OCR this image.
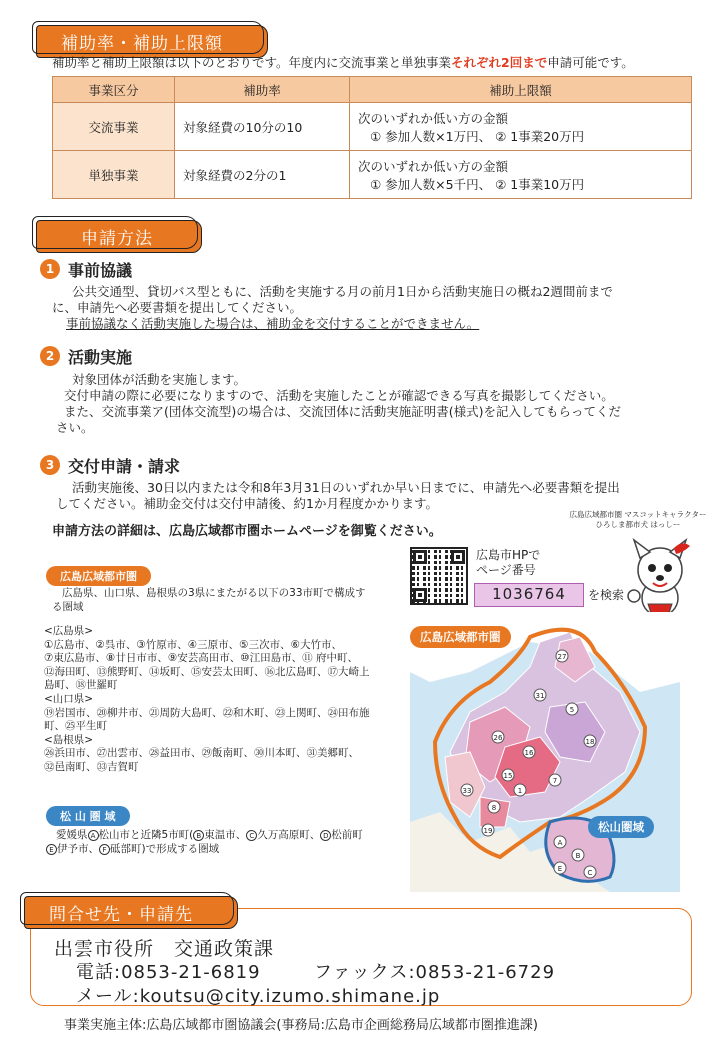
補助率・補助上限額
補助率と補助上限額は以下のとおりです。年度内に交流事業と単独事業それぞれ2回まで申請可能です。
事業区分	補助率	補助上限額
交流事業	対象経費の10分の10	次のいずれか低い方の金額
① 参加人数×1万円、 ② 1事業20万円

単独事業	対象経費の2分の1	次のいずれか低い方の金額
① 参加人数×5千円、 ② 1事業10万円
申請方法
1 事前協議
公共交通型、貸切バス型ともに、活動を実施する月の前月1日から活動実施日の概ね2週間前まで
に、申請先へ必要書類を提出してください。
事前協議なく活動実施した場合は、補助金を交付することができません。
2 活動実施
対象団体が活動を実施します。
交付申請の際に必要になりますので、活動を実施したことが確認できる写真を撮影してください。
また、交流事業ア(団体交流型)の場合は、交流団体に活動実施証明書(様式)を記入してもらってくだ
さい。
3 交付申請・請求
活動実施後、30日以内または令和8年3月31日のいずれか早い日までに、申請先へ必要書類を提出
してください。補助金交付は交付申請後、約1か月程度かかります。
申請方法の詳細は、広島広域都市圏ホームページを御覧ください。
広島広域都市圏 マスコットキャラクター
ひろしま都市犬 はっしー
広島市HPで
ページ番号
1036764	を検索
広島広域都市圏
広島県、山口県、島根県の3県にまたがる以下の33市町で構成す
る圏域
<広島県>
①広島市、②呉市、③竹原市、④三原市、⑤三次市、⑥大竹市、
⑦東広島市、⑧廿日市市、⑨安芸高田市、⑩江田島市、⑪ 府中町、
⑫海田町、⑬熊野町、⑭坂町、⑮安芸太田町、⑯北広島町、⑰大崎上
島町、⑱世羅町
<山口県>
⑲岩国市、⑳柳井市、㉑周防大島町、㉒和木町、㉓上関町、㉔田布施
町、㉕平生町
<島根県>
㉖浜田市、㉗出雲市、㉘益田市、㉙飯南町、㉚川本町、㉛美郷町、
㉜邑南町、㉝吉賀町
松 山 圏 域
愛媛県 A 松山市と近隣5市町( B 東温市、 C 久万高原町、 D 松前町
E 伊予市、 F 砥部町)で形成する圏域
27
26
31
5
18
16
15
33
8
1
7
19
A
B
C
E
広島広域都市圏
松山圏域
問合せ先・申請先
出雲市役所　交通政策課
電話:0853-21-6819	ファックス:0853-21-6729
メール:koutsu@city.izumo.shimane.jp
事業実施主体:広島広域都市圏協議会(事務局:広島市企画総務局広域都市圏推進課)
